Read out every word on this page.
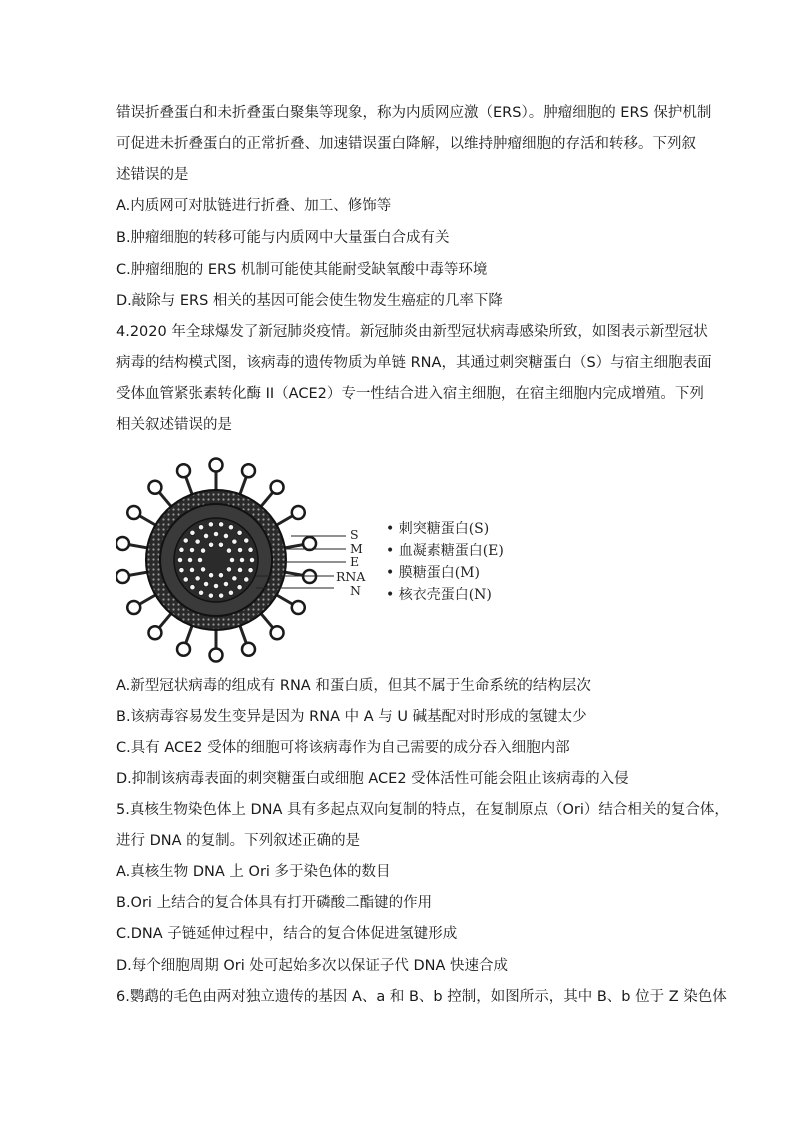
错误折叠蛋白和未折叠蛋白聚集等现象，称为内质网应激（ERS）。肿瘤细胞的 ERS 保护机制
可促进未折叠蛋白的正常折叠、加速错误蛋白降解，以维持肿瘤细胞的存活和转移。下列叙
述错误的是
A.内质网可对肽链进行折叠、加工、修饰等
B.肿瘤细胞的转移可能与内质网中大量蛋白合成有关
C.肿瘤细胞的 ERS 机制可能使其能耐受缺氧酸中毒等环境
D.敲除与 ERS 相关的基因可能会使生物发生癌症的几率下降
4.2020 年全球爆发了新冠肺炎疫情。新冠肺炎由新型冠状病毒感染所致，如图表示新型冠状
病毒的结构模式图，该病毒的遗传物质为单链 RNA，其通过刺突糖蛋白（S）与宿主细胞表面
受体血管紧张素转化酶 II（ACE2）专一性结合进入宿主细胞，在宿主细胞内完成增殖。下列
相关叙述错误的是
S
M
E
RNA
N
• 刺突糖蛋白(S)
• 血凝素糖蛋白(E)
• 膜糖蛋白(M)
• 核衣壳蛋白(N)
A.新型冠状病毒的组成有 RNA 和蛋白质，但其不属于生命系统的结构层次
B.该病毒容易发生变异是因为 RNA 中 A 与 U 碱基配对时形成的氢键太少
C.具有 ACE2 受体的细胞可将该病毒作为自己需要的成分吞入细胞内部
D.抑制该病毒表面的刺突糖蛋白或细胞 ACE2 受体活性可能会阻止该病毒的入侵
5.真核生物染色体上 DNA 具有多起点双向复制的特点，在复制原点（Ori）结合相关的复合体，
进行 DNA 的复制。下列叙述正确的是
A.真核生物 DNA 上 Ori 多于染色体的数目
B.Ori 上结合的复合体具有打开磷酸二酯键的作用
C.DNA 子链延伸过程中，结合的复合体促进氢键形成
D.每个细胞周期 Ori 处可起始多次以保证子代 DNA 快速合成
6.鹦鹉的毛色由两对独立遗传的基因 A、a 和 B、b 控制，如图所示，其中 B、b 位于 Z 染色体
